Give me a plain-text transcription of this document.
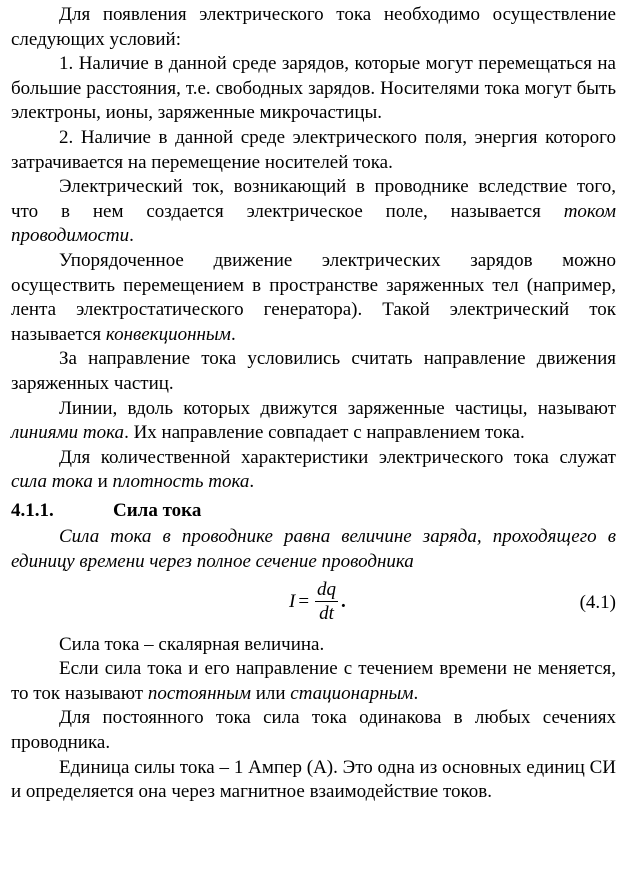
Для появления электрического тока необходимо осуществление следующих условий:

1. Наличие в данной среде зарядов, которые могут перемещаться на большие расстояния, т.е. свободных зарядов. Носителями тока могут быть электроны, ионы, заряженные микрочастицы.

2. Наличие в данной среде электрического поля, энергия которого затрачивается на перемещение носителей тока.

Электрический ток, возникающий в проводнике вследствие того, что в нем создается электрическое поле, называется током проводимости.

Упорядоченное движение электрических зарядов можно осуществить перемещением в пространстве заряженных тел (например, лента электростатического генератора). Такой электрический ток называется конвекционным.

За направление тока условились считать направление движения заряженных частиц.

Линии, вдоль которых движутся заряженные частицы, называют линиями тока. Их направление совпадает с направлением тока.

Для количественной характеристики электрического тока служат сила тока и плотность тока.

4.1.1.	Сила тока

Сила тока в проводнике равна величине заряда, проходящего в единицу времени через полное сечение проводника

$I = \frac{dq}{dt}$ .	(4.1)

Сила тока – скалярная величина.

Если сила тока и его направление с течением времени не меняется, то ток называют постоянным или стационарным.

Для постоянного тока сила тока одинакова в любых сечениях проводника.

Единица силы тока – 1 Ампер (А). Это одна из основных единиц СИ и определяется она через магнитное взаимодействие токов.
